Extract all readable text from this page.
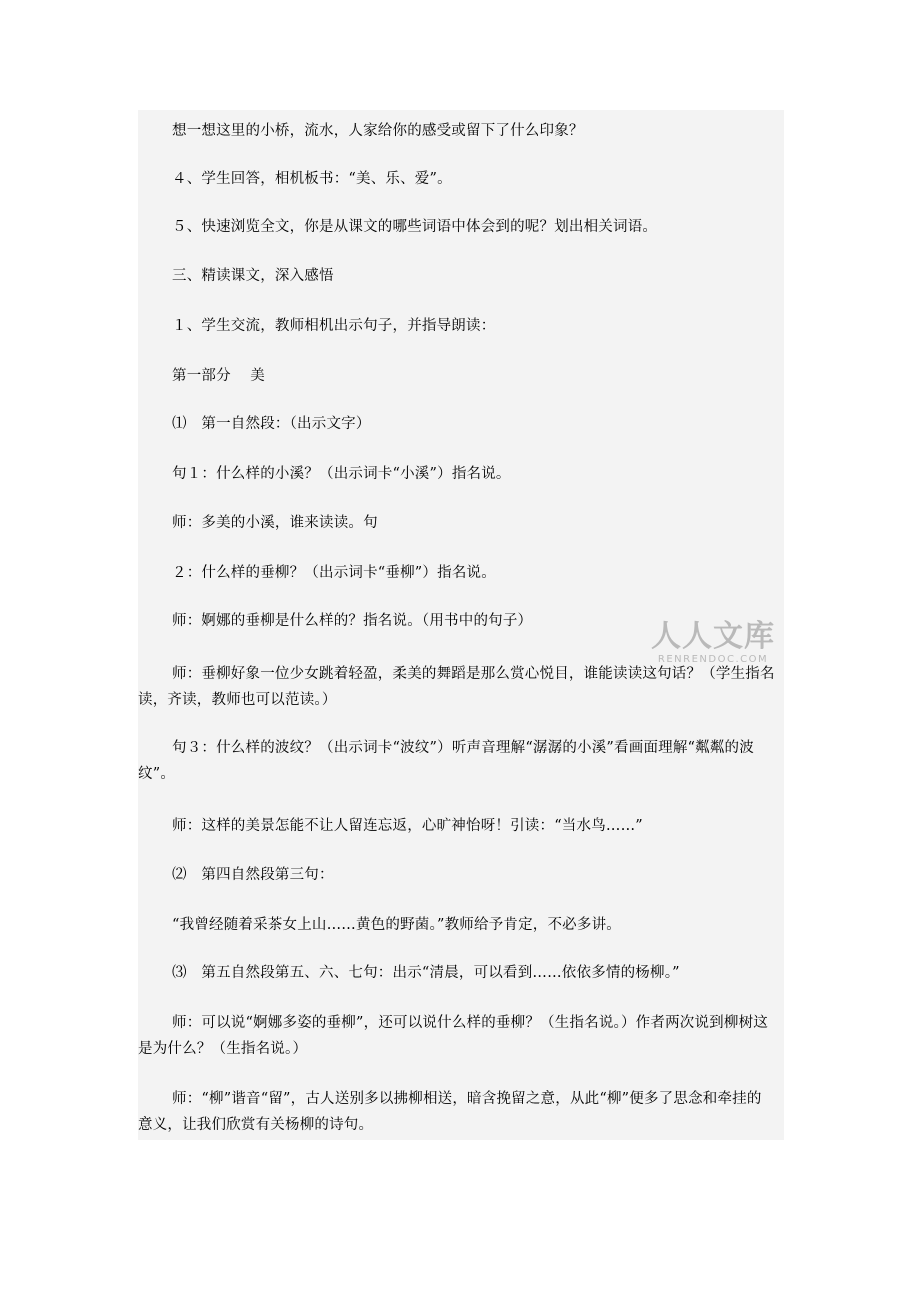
想一想这里的小桥，流水，人家给你的感受或留下了什么印象？
４、学生回答，相机板书：“美、乐、爱”。
５、快速浏览全文，你是从课文的哪些词语中体会到的呢？划出相关词语。
三、精读课文，深入感悟
１、学生交流，教师相机出示句子，并指导朗读：
第一部分　 美
⑴　第一自然段：（出示文字）
句１：什么样的小溪？（出示词卡“小溪”）指名说。
师：多美的小溪，谁来读读。句
２：什么样的垂柳？（出示词卡“垂柳”）指名说。
师：婀娜的垂柳是什么样的？指名说。（用书中的句子）
师：垂柳好象一位少女跳着轻盈，柔美的舞蹈是那么赏心悦目，谁能读读这句话？（学生指名读，齐读，教师也可以范读。）
句３：什么样的波纹？（出示词卡“波纹”）听声音理解“潺潺的小溪”看画面理解“粼粼的波纹”。
师：这样的美景怎能不让人留连忘返，心旷神怡呀！引读：“当水鸟……”
⑵　第四自然段第三句：
“我曾经随着采茶女上山……黄色的野菌。”教师给予肯定，不必多讲。
⑶　第五自然段第五、六、七句：出示“清晨，可以看到……依依多情的杨柳。”
师：可以说“婀娜多姿的垂柳”，还可以说什么样的垂柳？（生指名说。）作者两次说到柳树这是为什么？（生指名说。）
师：“柳”谐音“留”，古人送别多以拂柳相送，暗含挽留之意，从此“柳”便多了思念和牵挂的意义，让我们欣赏有关杨柳的诗句。
人人文库
RENRENDOC.COM
